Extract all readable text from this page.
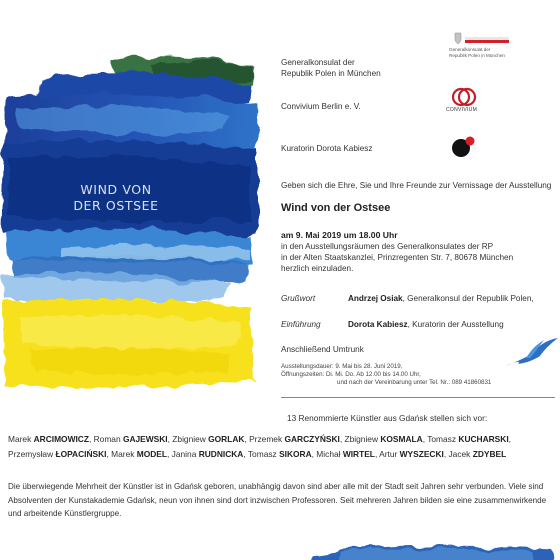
WIND VON
DER OSTSEE
Generalkonsulat der
Republik Polen in München
Convivium Berlin e. V.
Kuratorin Dorota Kabiesz
Generalkonsulat der Republik Polen in München
CONVIVIUM
Geben sich die Ehre, Sie und Ihre Freunde zur Vernissage der Ausstellung
Wind von der Ostsee
am 9. Mai 2019 um 18.00 Uhr
in den Ausstellungsräumen des Generalkonsulates der RP
in der Alten Staatskanzlei, Prinzregenten Str. 7, 80678 München
herzlich einzuladen.
Grußwort	Andrzej Osiak, Generalkonsul der Republik Polen,
Einführung	Dorota Kabiesz, Kuratorin der Ausstellung
Anschließend Umtrunk
Ausstellungsdauer: 9. Mai bis 28. Juni 2019,
Öffnungszeiten: Di. Mi. Do. Ab 12.00 bis 14.00 Uhr,
und nach der Vereinbarung unter Tel. Nr.: 089 41860831
13 Renommierte Künstler aus Gdańsk stellen sich vor:
Marek ARCIMOWICZ, Roman GAJEWSKI, Zbigniew GORLAK, Przemek GARCZYŃSKI, Zbigniew KOSMALA, Tomasz KUCHARSKI, Przemysław ŁOPACIŃSKI, Marek MODEL, Janina RUDNICKA, Tomasz SIKORA, Michał WIRTEL, Artur WYSZECKI, Jacek ZDYBEL
Die überwiegende Mehrheit der Künstler ist in Gdańsk geboren, unabhängig davon sind aber alle mit der Stadt seit Jahren sehr verbunden. Viele sind Absolventen der Kunstakademie Gdańsk, neun von ihnen sind dort inzwischen Professoren. Seit mehreren Jahren bilden sie eine zusammenwirkende und arbeitende Künstlergruppe.
